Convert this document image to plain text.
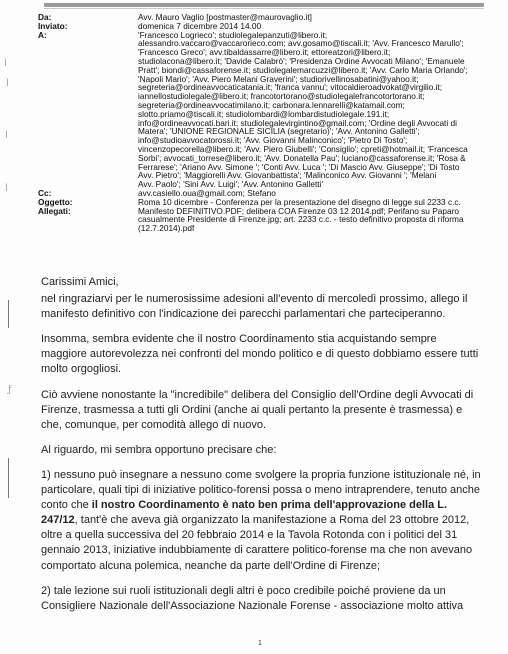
ǀ
ǀ
ǀ
ǀ
ƒ
Da:	Avv. Mauro Vaglio [postmaster@maurovaglio.it]
Inviato:	domenica 7 dicembre 2014 14.00
A:	'Francesco Logrieco'; studiolegalepanzuti@libero.it;
alessandro.vaccaro@vaccarorieco.com; avv.gosamo@tiscali.it; 'Avv. Francesco Marullo';
'Francesco Greco'; avv.tibaldassarre@libero.it; ettoreatzori@libero.it;
studiolacona@libero.it; 'Davide Calabrò'; 'Presidenza Ordine Avvocati Milano'; 'Emanuele
Pratt'; biondi@cassaforense.it; studiolegalemarcuzzi@libero.it; 'Avv. Carlo Maria Orlando';
'Napoli Mario'; 'Avv. Piero Melani Graverini'; studiorivellinosabatini@yahoo.it;
segreteria@ordineavvocaticatania.it; 'franca vannu'; vitocaldieroadvokat@virgilio.it;
iannellostudiolegale@libero.it; francotortorano@studiolegalefrancotortorano.it;
segreteria@ordineavvocatimilano.it; carbonara.lennarelli@katamail.com;
slotto.priamo@tiscali.it; studiolombardi@lombardistudiolegale.191.it;
info@ordineavvocati.bari.it; studiolegalevirgintino@gmail.com; 'Ordine degli Avvocati di
Matera'; 'UNIONE REGIONALE SICILIA (segretario)'; 'Avv. Antonino Galletti';
info@studioavvocatorossi.it; 'Avv. Giovanni Malinconico'; 'Pietro Di Tosto';
vincenzopecorella@libero.it; 'Avv. Piero Giubelli'; 'Consiglio'; cpreti@hotmail.it; 'Francesca
Sorbi'; avvocati_torrese@libero.it; 'Avv. Donatella Pau'; luciano@cassaforense.it; 'Rosa &
Ferrarese'; 'Ariano Avv. Simone '; 'Conti Avv. Luca '; 'Di Mascio Avv. Giuseppe'; 'Di Tosto
Avv. Pietro'; 'Maggiorelli Avv. Giovanbattista'; 'Malinconico Avv. Giovanni '; 'Melani
Avv. Paolo'; 'Sini Avv. Luigi'; 'Avv. Antonino Galletti'
Cc:	avv.casiello.oua@gmail.com; Stefano
Oggetto:	Roma 10 dicembre - Conferenza per la presentazione del disegno di legge sul 2233 c.c.
Allegati:	Manifesto DEFINITIVO.PDF; delibera COA Firenze 03 12 2014.pdf; Perifano su Paparo
casualmente Presidente di Firenze.jpg; art. 2233 c.c. - testo definitivo proposta di riforma
(12.7.2014).pdf

Carissimi Amici,

nel ringraziarvi per le numerosissime adesioni all'evento di mercoledì prossimo, allego il manifesto definitivo con l'indicazione dei parecchi parlamentari che parteciperanno.

Insomma, sembra evidente che il nostro Coordinamento stia acquistando sempre maggiore autorevolezza nei confronti del mondo politico e di questo dobbiamo essere tutti molto orgogliosi.

Ciò avviene nonostante la "incredibile" delibera del Consiglio dell'Ordine degli Avvocati di Firenze, trasmessa a tutti gli Ordini (anche ai quali pertanto la presente è trasmessa) e che, comunque, per comodità allego di nuovo.

Al riguardo, mi sembra opportuno precisare che:

1) nessuno può insegnare a nessuno come svolgere la propria funzione istituzionale né, in particolare, quali tipi di iniziative politico-forensi possa o meno intraprendere, tenuto anche conto che il nostro Coordinamento è nato ben prima dell'approvazione della L. 247/12, tant'è che aveva già organizzato la manifestazione a Roma del 23 ottobre 2012, oltre a quella successiva del 20 febbraio 2014 e la Tavola Rotonda con i politici del 31 gennaio 2013, iniziative indubbiamente di carattere politico-forense ma che non avevano comportato alcuna polemica, neanche da parte dell'Ordine di Firenze;

2) tale lezione sui ruoli istituzionali degli altri è poco credibile poiché proviene da un Consigliere Nazionale dell'Associazione Nazionale Forense - associazione molto attiva

1
